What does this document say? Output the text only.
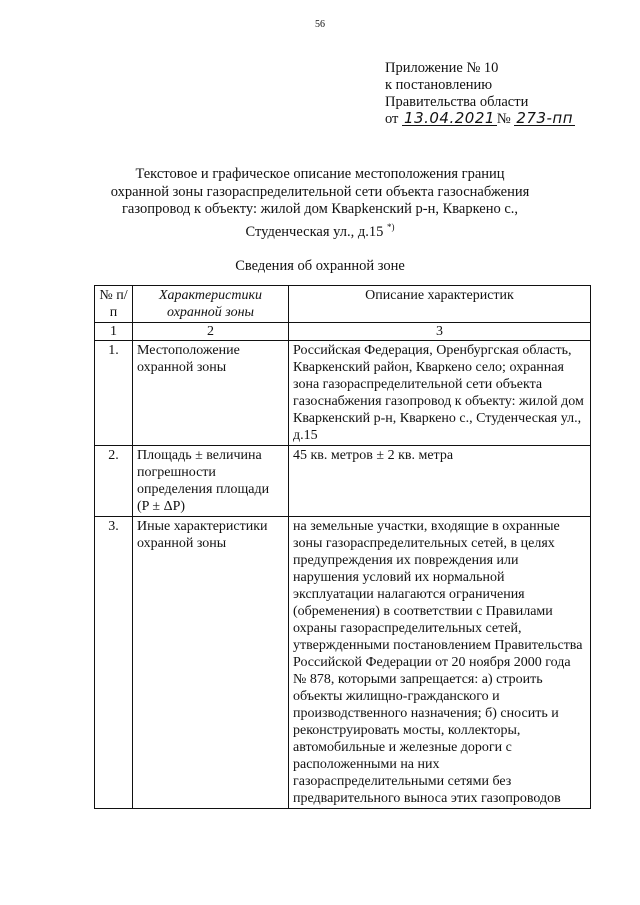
56
Приложение № 10
к постановлению
Правительства области
от 13.04.2021 № 273-пп
Текстовое и графическое описание местоположения границ
охранной зоны газораспределительной сети объекта газоснабжения
газопровод к объекту: жилой дом Кварkенский р-н, Кваркено с.,
Студенческая ул., д.15 *)
Сведения об охранной зоне
№ п/п	Характеристики охранной зоны	Описание характеристик
1	2	3
1.	Местоположение охранной зоны	Российская Федерация, Оренбургская область, Кваркенский район, Кваркено село; охранная зона газораспределительной сети объекта газоснабжения газопровод к объекту: жилой дом Кваркенский р-н, Кваркено с., Студенческая ул., д.15
2.	Площадь ± величина погрешности определения площади (P ± ΔP)	45 кв. метров ± 2 кв. метра
3.	Иные характеристики охранной зоны	на земельные участки, входящие в охранные зоны газораспределительных сетей, в целях предупреждения их повреждения или нарушения условий их нормальной эксплуатации налагаются ограничения (обременения) в соответствии с Правилами охраны газораспределительных сетей, утвержденными постановлением Правительства Российской Федерации от 20 ноября 2000 года № 878, которыми запрещается: а) строить объекты жилищно-гражданского и производственного назначения; б) сносить и реконструировать мосты, коллекторы, автомобильные и железные дороги с расположенными на них газораспределительными сетями без предварительного выноса этих газопроводов
